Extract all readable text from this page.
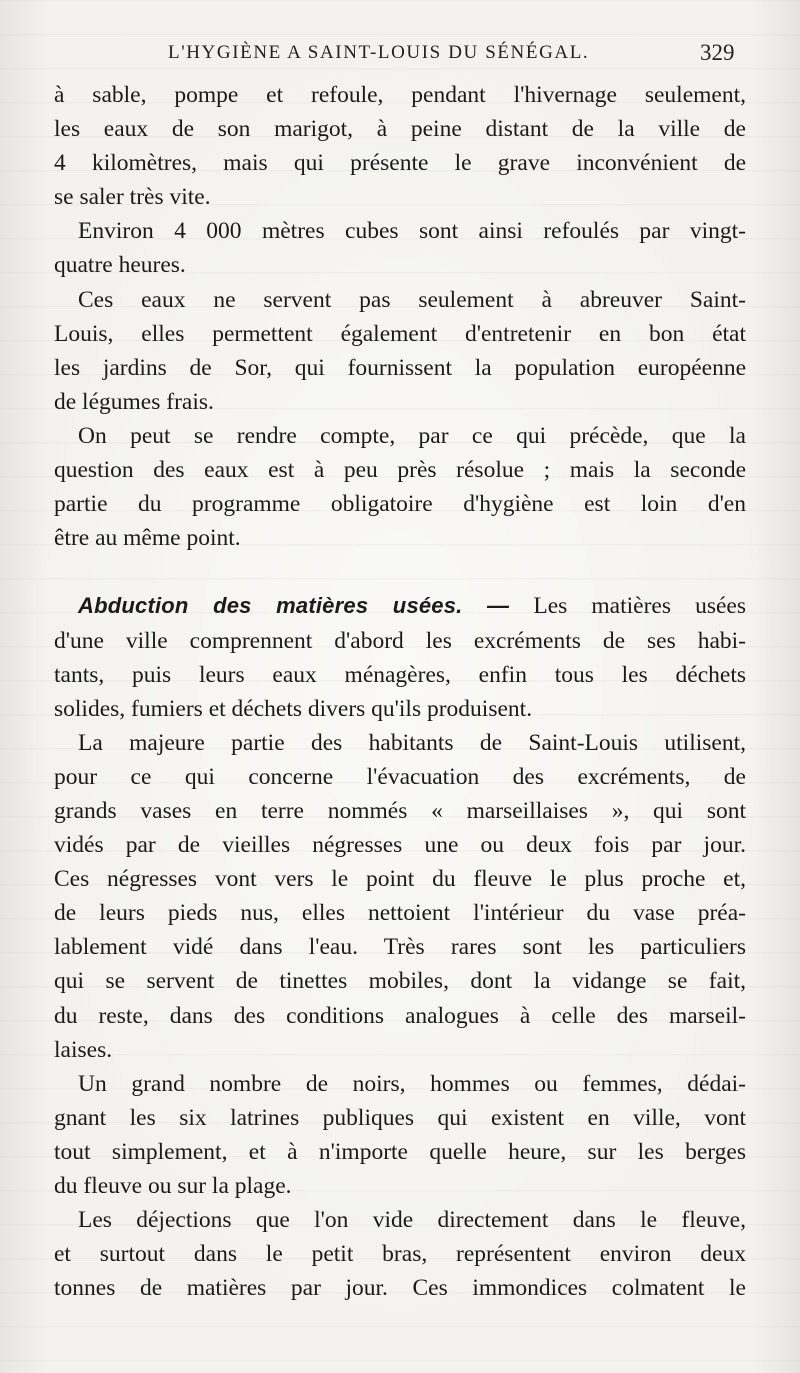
L'HYGIÈNE A SAINT-LOUIS DU SÉNÉGAL.	329
à sable, pompe et refoule, pendant l'hivernage seulement,
les eaux de son marigot, à peine distant de la ville de
4 kilomètres, mais qui présente le grave inconvénient de
se saler très vite.
Environ 4 000 mètres cubes sont ainsi refoulés par vingt-
quatre heures.
Ces eaux ne servent pas seulement à abreuver Saint-
Louis, elles permettent également d'entretenir en bon état
les jardins de Sor, qui fournissent la population européenne
de légumes frais.
On peut se rendre compte, par ce qui précède, que la
question des eaux est à peu près résolue ; mais la seconde
partie du programme obligatoire d'hygiène est loin d'en
être au même point.
Abduction des matières usées. — Les matières usées
d'une ville comprennent d'abord les excréments de ses habi-
tants, puis leurs eaux ménagères, enfin tous les déchets
solides, fumiers et déchets divers qu'ils produisent.
La majeure partie des habitants de Saint-Louis utilisent,
pour ce qui concerne l'évacuation des excréments, de
grands vases en terre nommés « marseillaises », qui sont
vidés par de vieilles négresses une ou deux fois par jour.
Ces négresses vont vers le point du fleuve le plus proche et,
de leurs pieds nus, elles nettoient l'intérieur du vase préa-
lablement vidé dans l'eau. Très rares sont les particuliers
qui se servent de tinettes mobiles, dont la vidange se fait,
du reste, dans des conditions analogues à celle des marseil-
laises.
Un grand nombre de noirs, hommes ou femmes, dédai-
gnant les six latrines publiques qui existent en ville, vont
tout simplement, et à n'importe quelle heure, sur les berges
du fleuve ou sur la plage.
Les déjections que l'on vide directement dans le fleuve,
et surtout dans le petit bras, représentent environ deux
tonnes de matières par jour. Ces immondices colmatent le
